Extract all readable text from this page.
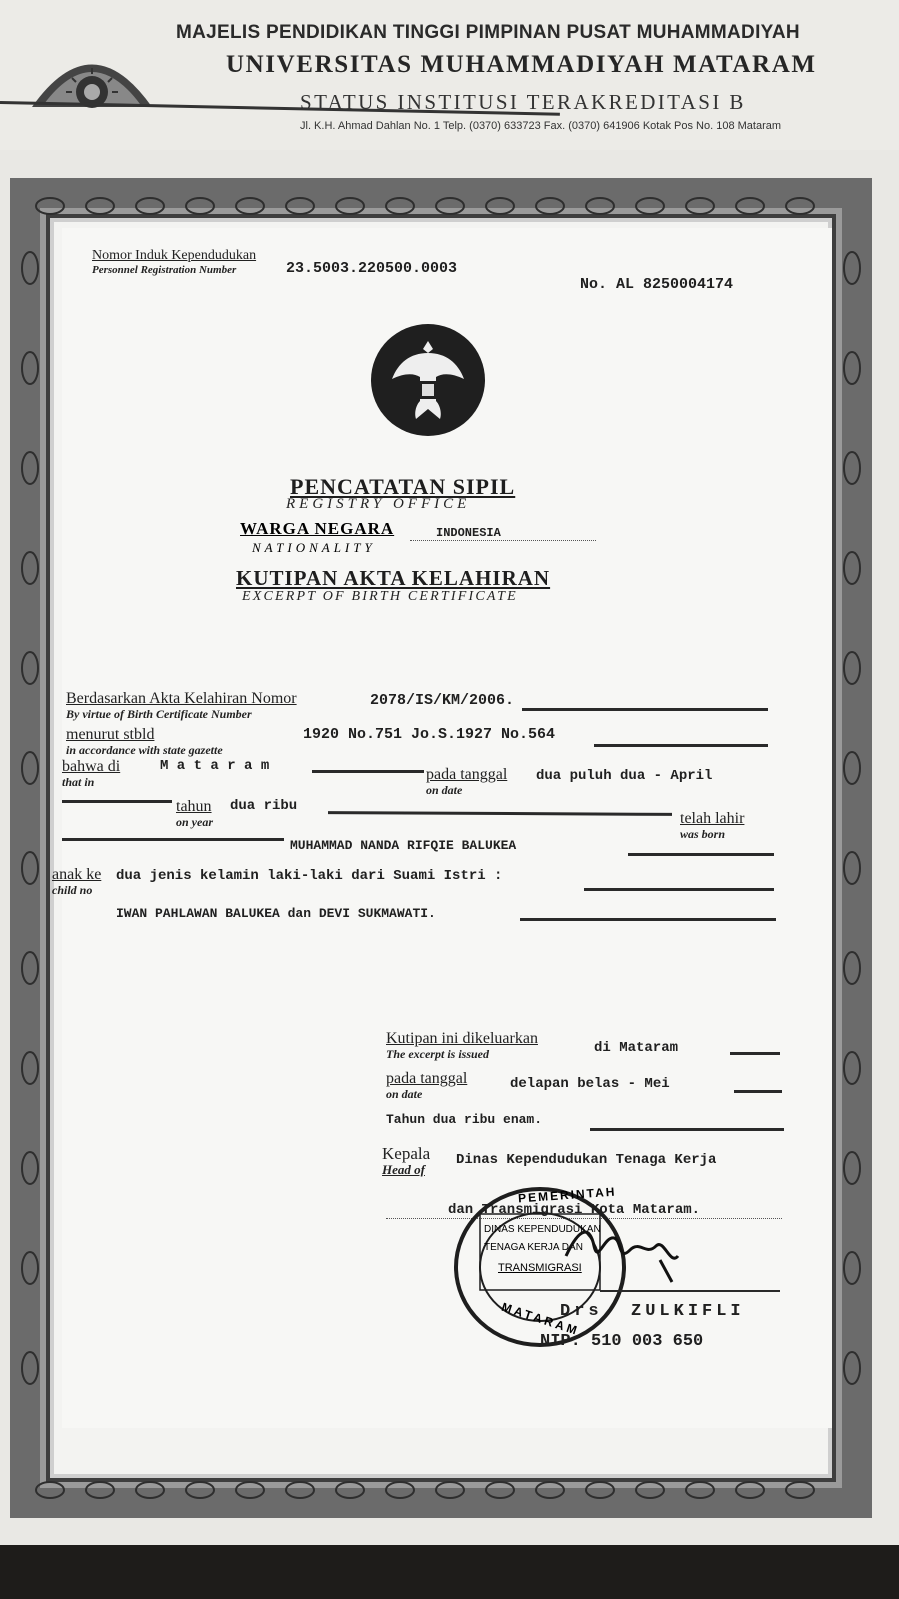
MAJELIS PENDIDIKAN TINGGI PIMPINAN PUSAT MUHAMMADIYAH
UNIVERSITAS MUHAMMADIYAH MATARAM
STATUS INSTITUSI TERAKREDITASI B
Jl. K.H. Ahmad Dahlan No. 1 Telp. (0370) 633723 Fax. (0370) 641906 Kotak Pos No. 108 Mataram
Nomor Induk Kependudukan
Personnel Registration Number	23.5003.220500.0003
No. AL 8250004174
PENCATATAN SIPIL
REGISTRY OFFICE
WARGA NEGARA
NATIONALITY
INDONESIA
KUTIPAN AKTA KELAHIRAN
EXCERPT OF BIRTH CERTIFICATE
Berdasarkan Akta Kelahiran Nomor
By virtue of Birth Certificate Number
2078/IS/KM/2006.
menurut stbld
in accordance with state gazette
1920 No.751 Jo.S.1927 No.564
bahwa di
that in
M a t a r a m	pada tanggal
on date
dua puluh dua - April
tahun
on year
dua ribu
telah lahir
was born
MUHAMMAD NANDA RIFQIE BALUKEA
anak ke
child no
dua jenis kelamin laki-laki dari Suami Istri :
IWAN PAHLAWAN BALUKEA dan DEVI SUKMAWATI.
Kutipan ini dikeluarkan
The excerpt is issued	di Mataram
pada tanggal
on date
delapan belas - Mei
Tahun dua ribu enam.
Kepala
Head of
Dinas Kependudukan Tenaga Kerja
dan Transmigrasi Kota Mataram.
PEMERINTAH
DINAS KEPENDUDUKAN
TENAGA KERJA DAN
TRANSMIGRASI
MATARAM
Drs. ZULKIFLI
NIP. 510 003 650
